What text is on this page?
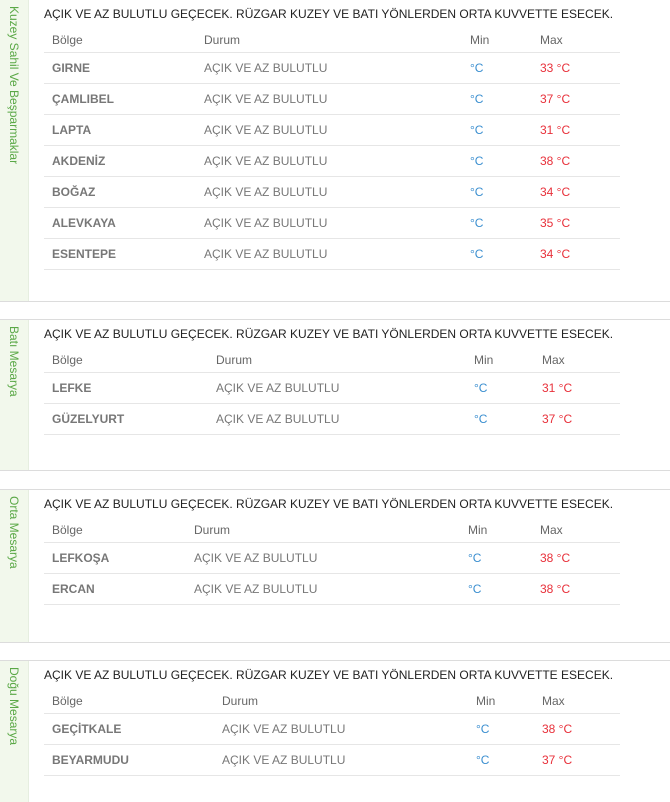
Kuzey Sahil Ve Beşparmaklar AÇIK VE AZ BULUTLU GEÇECEK. RÜZGAR KUZEY VE BATI YÖNLERDEN ORTA KUVVETTE ESECEK.
Bölge	Durum	Min	Max
GIRNE	AÇIK VE AZ BULUTLU	°C	33 °C
ÇAMLIBEL	AÇIK VE AZ BULUTLU	°C	37 °C
LAPTA	AÇIK VE AZ BULUTLU	°C	31 °C
AKDENİZ	AÇIK VE AZ BULUTLU	°C	38 °C
BOĞAZ	AÇIK VE AZ BULUTLU	°C	34 °C
ALEVKAYA	AÇIK VE AZ BULUTLU	°C	35 °C
ESENTEPE	AÇIK VE AZ BULUTLU	°C	34 °C
Batı Mesarya AÇIK VE AZ BULUTLU GEÇECEK. RÜZGAR KUZEY VE BATI YÖNLERDEN ORTA KUVVETTE ESECEK.
Bölge	Durum	Min	Max
LEFKE	AÇIK VE AZ BULUTLU	°C	31 °C
GÜZELYURT	AÇIK VE AZ BULUTLU	°C	37 °C
Orta Mesarya AÇIK VE AZ BULUTLU GEÇECEK. RÜZGAR KUZEY VE BATI YÖNLERDEN ORTA KUVVETTE ESECEK.
Bölge	Durum	Min	Max
LEFKOŞA	AÇIK VE AZ BULUTLU	°C	38 °C
ERCAN	AÇIK VE AZ BULUTLU	°C	38 °C
Doğu Mesarya AÇIK VE AZ BULUTLU GEÇECEK. RÜZGAR KUZEY VE BATI YÖNLERDEN ORTA KUVVETTE ESECEK.
Bölge	Durum	Min	Max
GEÇİTKALE	AÇIK VE AZ BULUTLU	°C	38 °C
BEYARMUDU	AÇIK VE AZ BULUTLU	°C	37 °C
